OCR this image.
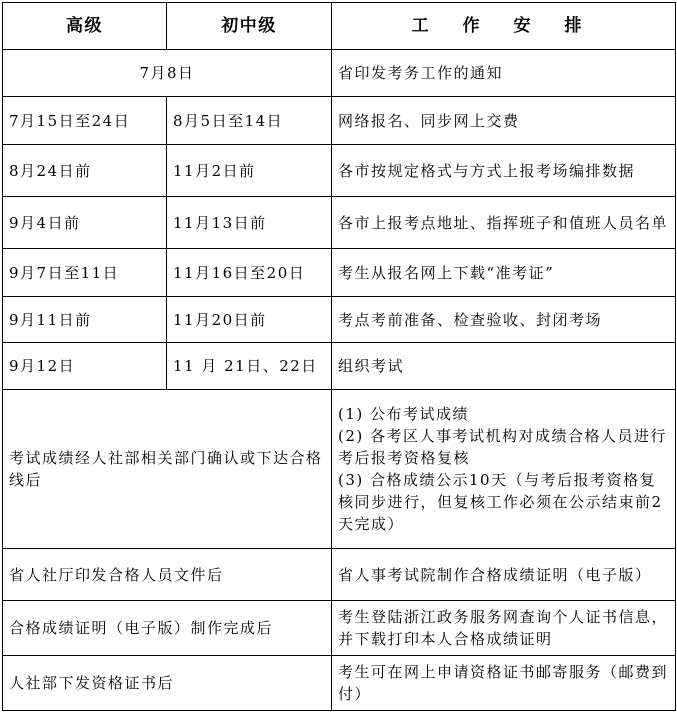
高级	初中级	工 作 安 排
7月8日		省印发考务工作的通知
7月15日至24日	8月5日至14日	网络报名、同步网上交费
8月24日前	11月2日前	各市按规定格式与方式上报考场编排数据
9月4日前	11月13日前	各市上报考点地址、指挥班子和值班人员名单
9月7日至11日	11月16日至20日	考生从报名网上下载“准考证”
9月11日前	11月20日前	考点考前准备、检查验收、封闭考场
9月12日	11 月 21日、22日	组织考试
考试成绩经人社部相关部门确认或下达合格线后		(1) 公布考试成绩
(2) 各考区人事考试机构对成绩合格人员进行考后报考资格复核
(3) 合格成绩公示10天（与考后报考资格复核同步进行，但复核工作必须在公示结束前2天完成）

省人社厅印发合格人员文件后		省人事考试院制作合格成绩证明（电子版）
合格成绩证明（电子版）制作完成后		考生登陆浙江政务服务网查询个人证书信息，并下载打印本人合格成绩证明
人社部下发资格证书后		考生可在网上申请资格证书邮寄服务（邮费到付）
